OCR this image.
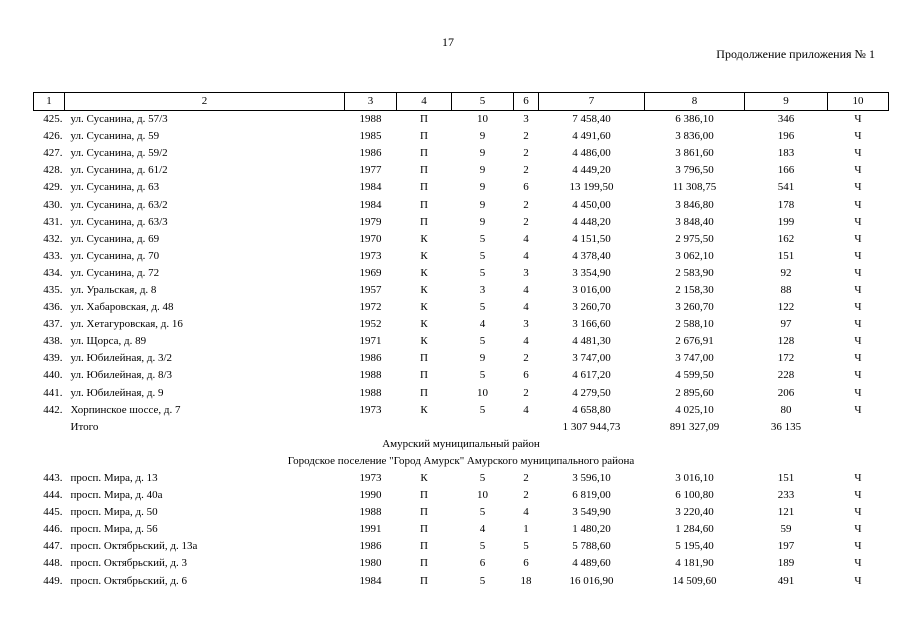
17
Продолжение приложения № 1
1	2	3	4	5	6	7	8	9	10
425.	ул. Сусанина, д. 57/3	1988	П	10	3	7 458,40	6 386,10	346	Ч
426.	ул. Сусанина, д. 59	1985	П	9	2	4 491,60	3 836,00	196	Ч
427.	ул. Сусанина, д. 59/2	1986	П	9	2	4 486,00	3 861,60	183	Ч
428.	ул. Сусанина, д. 61/2	1977	П	9	2	4 449,20	3 796,50	166	Ч
429.	ул. Сусанина, д. 63	1984	П	9	6	13 199,50	11 308,75	541	Ч
430.	ул. Сусанина, д. 63/2	1984	П	9	2	4 450,00	3 846,80	178	Ч
431.	ул. Сусанина, д. 63/3	1979	П	9	2	4 448,20	3 848,40	199	Ч
432.	ул. Сусанина, д. 69	1970	К	5	4	4 151,50	2 975,50	162	Ч
433.	ул. Сусанина, д. 70	1973	К	5	4	4 378,40	3 062,10	151	Ч
434.	ул. Сусанина, д. 72	1969	К	5	3	3 354,90	2 583,90	92	Ч
435.	ул. Уральская, д. 8	1957	К	3	4	3 016,00	2 158,30	88	Ч
436.	ул. Хабаровская, д. 48	1972	К	5	4	3 260,70	3 260,70	122	Ч
437.	ул. Хетагуровская, д. 16	1952	К	4	3	3 166,60	2 588,10	97	Ч
438.	ул. Щорса, д. 89	1971	К	5	4	4 481,30	2 676,91	128	Ч
439.	ул. Юбилейная, д. 3/2	1986	П	9	2	3 747,00	3 747,00	172	Ч
440.	ул. Юбилейная, д. 8/3	1988	П	5	6	4 617,20	4 599,50	228	Ч
441.	ул. Юбилейная, д. 9	1988	П	10	2	4 279,50	2 895,60	206	Ч
442.	Хорпинское шоссе, д. 7	1973	К	5	4	4 658,80	4 025,10	80	Ч
	Итого					1 307 944,73	891 327,09	36 135	
Амурский муниципальный район									
Городское поселение "Город Амурск" Амурского муниципального района									
443.	просп. Мира, д. 13	1973	К	5	2	3 596,10	3 016,10	151	Ч
444.	просп. Мира, д. 40а	1990	П	10	2	6 819,00	6 100,80	233	Ч
445.	просп. Мира, д. 50	1988	П	5	4	3 549,90	3 220,40	121	Ч
446.	просп. Мира, д. 56	1991	П	4	1	1 480,20	1 284,60	59	Ч
447.	просп. Октябрьский, д. 13а	1986	П	5	5	5 788,60	5 195,40	197	Ч
448.	просп. Октябрьский, д. 3	1980	П	6	6	4 489,60	4 181,90	189	Ч
449.	просп. Октябрьский, д. 6	1984	П	5	18	16 016,90	14 509,60	491	Ч
